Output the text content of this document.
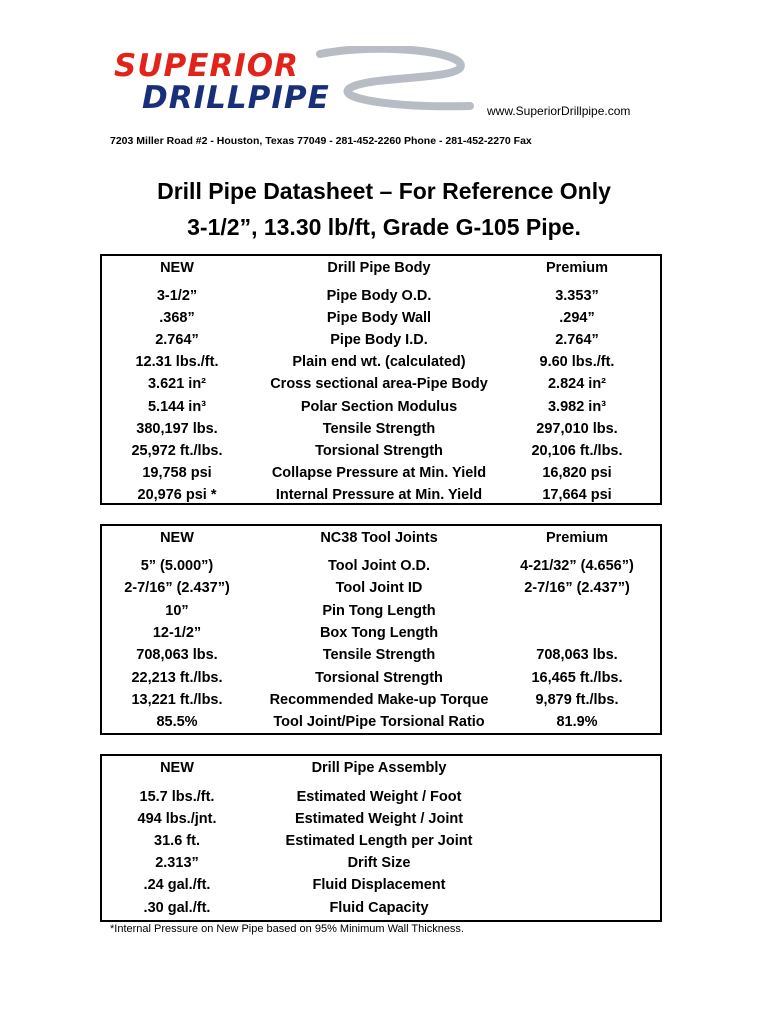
SUPERIOR
DRILLPIPE	www.SuperiorDrillpipe.com
7203 Miller Road #2 - Houston, Texas 77049 - 281-452-2260 Phone - 281-452-2270 Fax
Drill Pipe Datasheet – For Reference Only
3-1/2”, 13.30 lb/ft, Grade G-105 Pipe.
NEW	Drill Pipe Body	Premium
3-1/2”	Pipe Body O.D.	3.353”
.368”	Pipe Body Wall	.294”
2.764”	Pipe Body I.D.	2.764”
12.31 lbs./ft.	Plain end wt. (calculated)	9.60 lbs./ft.
3.621 in²	Cross sectional area-Pipe Body	2.824 in²
5.144 in³	Polar Section Modulus	3.982 in³
380,197 lbs.	Tensile Strength	297,010 lbs.
25,972 ft./lbs.	Torsional Strength	20,106 ft./lbs.
19,758 psi	Collapse Pressure at Min. Yield	16,820 psi
20,976 psi *	Internal Pressure at Min. Yield	17,664 psi
NEW	NC38 Tool Joints	Premium
5” (5.000”)	Tool Joint O.D.	4-21/32” (4.656”)
2-7/16” (2.437”)	Tool Joint ID	2-7/16” (2.437”)
10”	Pin Tong Length
12-1/2”	Box Tong Length
708,063 lbs.	Tensile Strength	708,063 lbs.
22,213 ft./lbs.	Torsional Strength	16,465 ft./lbs.
13,221 ft./lbs.	Recommended Make-up Torque	9,879 ft./lbs.
85.5%	Tool Joint/Pipe Torsional Ratio	81.9%
NEW	Drill Pipe Assembly
15.7 lbs./ft.	Estimated Weight / Foot
494 lbs./jnt.	Estimated Weight / Joint
31.6 ft.	Estimated Length per Joint
2.313”	Drift Size
.24 gal./ft.	Fluid Displacement
.30 gal./ft.	Fluid Capacity
*Internal Pressure on New Pipe based on 95% Minimum Wall Thickness.
